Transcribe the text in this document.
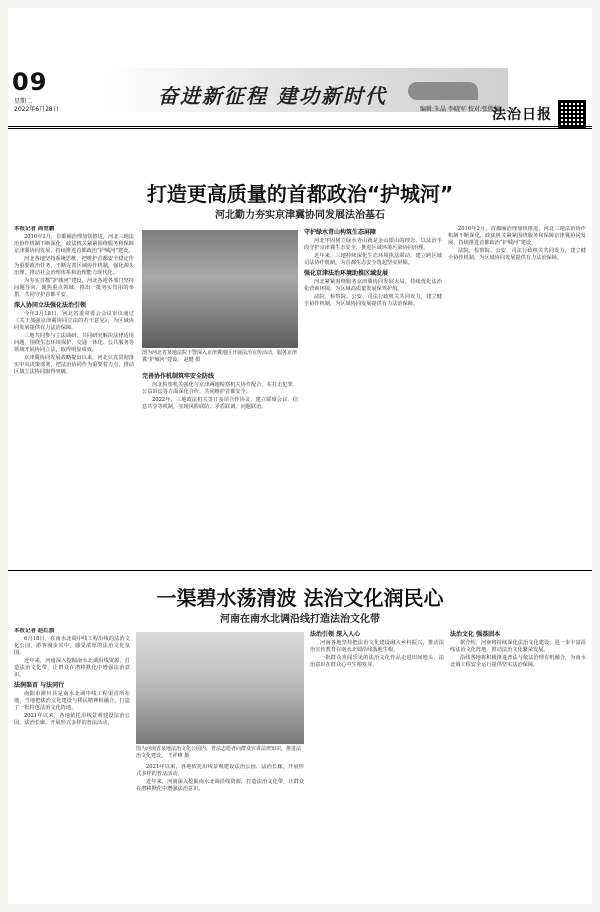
09
星期二
2022年6月28日
奋进新征程 建功新时代
编辑:朱晶 李晓军 校对:张胜楠
法治日报
打造更高质量的首都政治“护城河”
河北勤力夯实京津冀协同发展法治基石

本报记者 周宽鹏

2016年2月，首都圈治理加快推进，河北三地法治协作机制不断深化，政法机关紧紧围绕服务和保障京津冀协同发展，持续推进首都政治“护城河”建设。

河北各地坚持系统思维，把维护首都安全稳定作为重要政治任务，不断完善区域协作机制，强化源头治理，推动社会治理体系和治理能力现代化。

为夯实首都“护城河”建设，河北各地各部门坚持问题导向，聚焦重点领域，推出一批务实管用的举措，共同守护首都平安。

深入协同立法强化法治引领

今年3月18日，河北省委常委会会议审议通过《关于加强京津冀协同立法的若干意见》，为区域协同发展提供有力法治保障。

三地共同参与立法调研，共同研究解决法律适用问题，围绕生态环境保护、交通一体化、公共服务等领域开展协同立法，取得明显成效。

京津冀协同发展战略提出以来，河北认真贯彻落实中央决策部署，把法治协同作为重要着力点，推动区域立法协同取得突破。

图为河北省某地法院干警深入京津冀地区开展法治宣传活动，服务京津冀“护城河”建设。 赵健 摄

完善协作机制筑牢安全防线

河北检察机关强化与京津两地检察机关协作配合，在打击犯罪、公益诉讼等方面深化合作，共同维护首都安全。

2022年，三地政法机关签订多项合作协议，建立联席会议、信息共享等机制，实现风险联防、矛盾联调、问题联治。

守护绿水青山构筑生态屏障

河北牢固树立绿水青山就是金山银山的理念，以法治手段守护京津冀生态安全，推进区域环境污染协同治理。

近年来，三地持续深化生态环境执法联动，建立跨区域司法协作机制，为首都生态安全筑起坚实屏障。

强化京津法治环境助推区域发展

河北紧紧围绕服务京津冀协同发展大局，持续优化法治化营商环境，为区域高质量发展保驾护航。

法院、检察院、公安、司法行政机关共同发力，建立健全协作机制，为区域协同发展提供有力法治保障。

2016年2月，首都圈治理加快推进，河北三地法治协作机制不断深化，政法机关紧紧围绕服务和保障京津冀协同发展，持续推进首都政治“护城河”建设。

法院、检察院、公安、司法行政机关共同发力，建立健全协作机制，为区域协同发展提供有力法治保障。

一渠碧水荡清波 法治文化润民心
河南在南水北调沿线打造法治文化带

本报记者 赵红旗

6月18日，在南水北调中线工程沿线的法治文化公园，游客漫步其中，感受浓厚的法治文化氛围。

近年来，河南深入挖掘南水北调沿线资源，打造法治文化带，让群众在潜移默化中增强法治意识。

法润渠首 与法同行

南阳市淅川县是南水北调中线工程渠首所在地，当地把法治文化建设与移民精神相融合，打造了一批特色法治文化阵地。

2021年以来，各地依托沿线景观建设法治公园、法治长廊，开展形式多样的普法活动。

图为河南省某地法治文化公园内，普法志愿者向群众宣讲法律知识，推进法治文化建设。 王祥峰 摄

2021年以来，各地依托沿线景观建设法治公园、法治长廊，开展形式多样的普法活动。

近年来，河南深入挖掘南水北调沿线资源，打造法治文化带，让群众在潜移默化中增强法治意识。

法治引领 深入人心

河南各地坚持把法治文化建设融入乡村振兴，推动法治宣传教育在南水北调沿线落地生根。

一批群众喜闻乐见的法治文化作品走进田间地头，法治意识在群众心中生根发芽。

法治文化 强基固本

据介绍，河南将持续深化法治文化建设，进一步丰富沿线法治文化阵地，推动法治文化繁荣发展。

沿线各地将积极推进普法与依法治理有机融合，为南水北调工程安全运行提供坚实法治保障。
